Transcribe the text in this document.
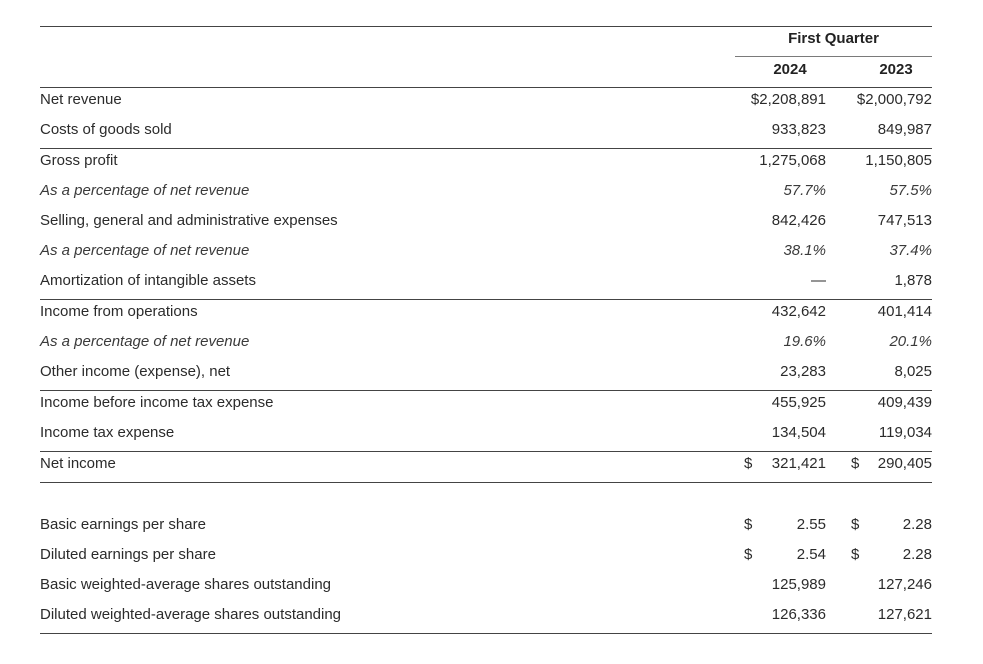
First Quarter
2024	2023
Net revenue	$2,208,891 $2,000,792
Costs of goods sold	933,823	849,987
Gross profit	1,275,068	1,150,805
As a percentage of net revenue	57.7%	57.5%
Selling, general and administrative expenses	842,426	747,513
As a percentage of net revenue	38.1%	37.4%
Amortization of intangible assets	—	1,878
Income from operations	432,642	401,414
As a percentage of net revenue	19.6%	20.1%
Other income (expense), net	23,283	8,025
Income before income tax expense	455,925	409,439
Income tax expense	134,504	119,034
Net income	$ 321,421 $ 290,405
Basic earnings per share	$	2.55 $	2.28
Diluted earnings per share	$	2.54 $	2.28
Basic weighted-average shares outstanding	125,989	127,246
Diluted weighted-average shares outstanding	126,336	127,621
